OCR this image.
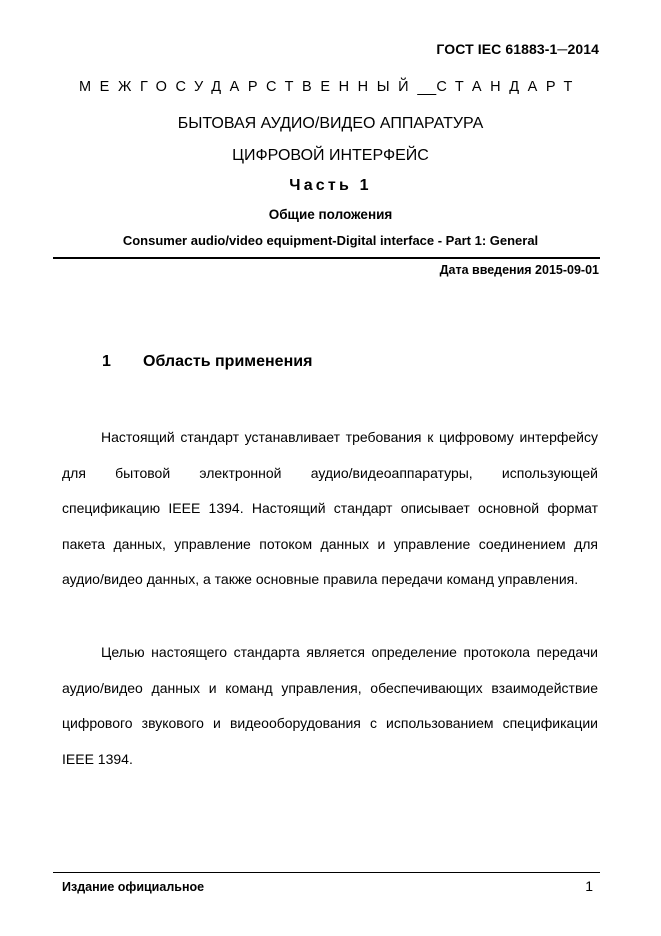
ГОСТ IEC 61883-1─2014
МЕЖГОСУДАРСТВЕННЫЙ СТАНДАРТ
БЫТОВАЯ АУДИО/ВИДЕО АППАРАТУРА
ЦИФРОВОЙ ИНТЕРФЕЙС
Часть 1
Общие положения
Consumer audio/video equipment-Digital interface - Part 1: General
Дата введения 2015-09-01
1 Область применения

Настоящий стандарт устанавливает требования к цифровому интерфейсу для бытовой электронной аудио/видеоаппаратуры, использующей спецификацию IEEE 1394. Настоящий стандарт описывает основной формат пакета данных, управление потоком данных и управление соединением для аудио/видео данных, а также основные правила передачи команд управления.

Целью настоящего стандарта является определение протокола передачи аудио/видео данных и команд управления, обеспечивающих взаимодействие цифрового звукового и видеооборудования с использованием спецификации IEEE 1394.

Издание официальное	1
